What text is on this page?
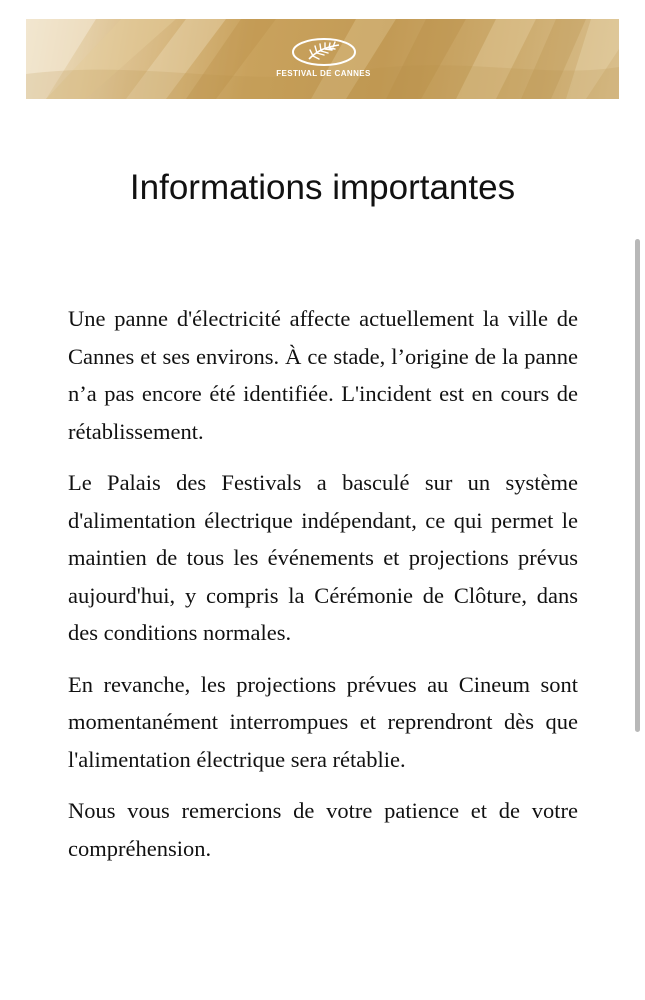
FESTIVAL DE CANNES
Informations importantes

Une panne d'électricité affecte actuellement la ville de Cannes et ses environs. À ce stade, l’origine de la panne n’a pas encore été identifiée. L'incident est en cours de rétablissement.

Le Palais des Festivals a basculé sur un système d'alimentation électrique indépendant, ce qui permet le maintien de tous les événements et projections prévus aujourd'hui, y compris la Cérémonie de Clôture, dans des conditions normales.

En revanche, les projections prévues au Cineum sont momentanément interrompues et reprendront dès que l'alimentation électrique sera rétablie.

Nous vous remercions de votre patience et de votre compréhension.
